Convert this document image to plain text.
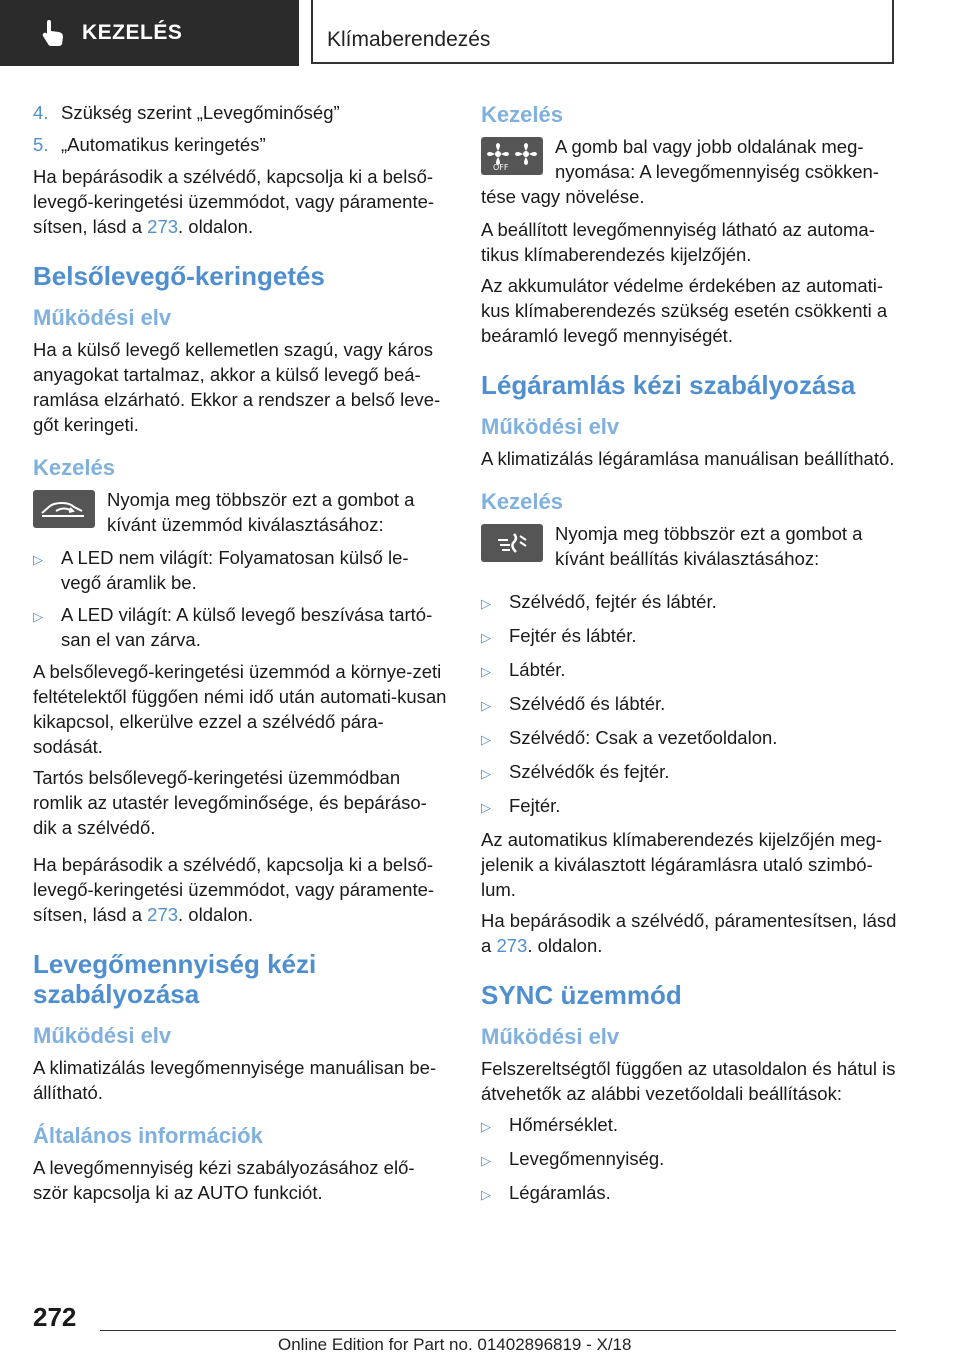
KEZELÉS	Klímaberendezés
4. Szükség szerint „Levegőminőség”
5. „Automatikus keringetés”

Ha bepárásodik a szélvédő, kapcsolja ki a belső-levegő-keringetési üzemmódot, vagy páramente-sítsen, lásd a 273. oldalon.

Belsőlevegő-keringetés
Működési elv

Ha a külső levegő kellemetlen szagú, vagy káros anyagokat tartalmaz, akkor a külső levegő beá-ramlása elzárható. Ekkor a rendszer a belső leve-gőt keringeti.

Kezelés
Nyomja meg többször ezt a gombot a kívánt üzemmód kiválasztásához:
▷ A LED nem világít: Folyamatosan külső le-vegő áramlik be.
▷ A LED világít: A külső levegő beszívása tartó-san el van zárva.

A belsőlevegő-keringetési üzemmód a környe-zeti feltételektől függően némi idő után automati-kusan kikapcsol, elkerülve ezzel a szélvédő pára-sodását.

Tartós belsőlevegő-keringetési üzemmódban romlik az utastér levegőminősége, és bepáráso-dik a szélvédő.

Ha bepárásodik a szélvédő, kapcsolja ki a belső-levegő-keringetési üzemmódot, vagy páramente-sítsen, lásd a 273. oldalon.

Levegőmennyiség kézi szabályozása
Működési elv

A klimatizálás levegőmennyisége manuálisan be-állítható.

Általános információk

A levegőmennyiség kézi szabályozásához elő-ször kapcsolja ki az AUTO funkciót.

Kezelés
OFF
A gomb bal vagy jobb oldalának meg-nyomása: A levegőmennyiség csökken-tése vagy növelése.

A beállított levegőmennyiség látható az automa-tikus klímaberendezés kijelzőjén.

Az akkumulátor védelme érdekében az automati-kus klímaberendezés szükség esetén csökkenti a beáramló levegő mennyiségét.

Légáramlás kézi szabályozása
Működési elv

A klimatizálás légáramlása manuálisan beállítható.

Kezelés
Nyomja meg többször ezt a gombot a kívánt beállítás kiválasztásához:
▷ Szélvédő, fejtér és lábtér.
▷ Fejtér és lábtér.
▷ Lábtér.
▷ Szélvédő és lábtér.
▷ Szélvédő: Csak a vezetőoldalon.
▷ Szélvédők és fejtér.
▷ Fejtér.

Az automatikus klímaberendezés kijelzőjén meg-jelenik a kiválasztott légáramlásra utaló szimbó-lum.

Ha bepárásodik a szélvédő, páramentesítsen, lásd a 273. oldalon.

SYNC üzemmód
Működési elv

Felszereltségtől függően az utasoldalon és hátul is átvehetők az alábbi vezetőoldali beállítások:

▷ Hőmérséklet.
▷ Levegőmennyiség.
▷ Légáramlás.
272
Online Edition for Part no. 01402896819 - X/18
